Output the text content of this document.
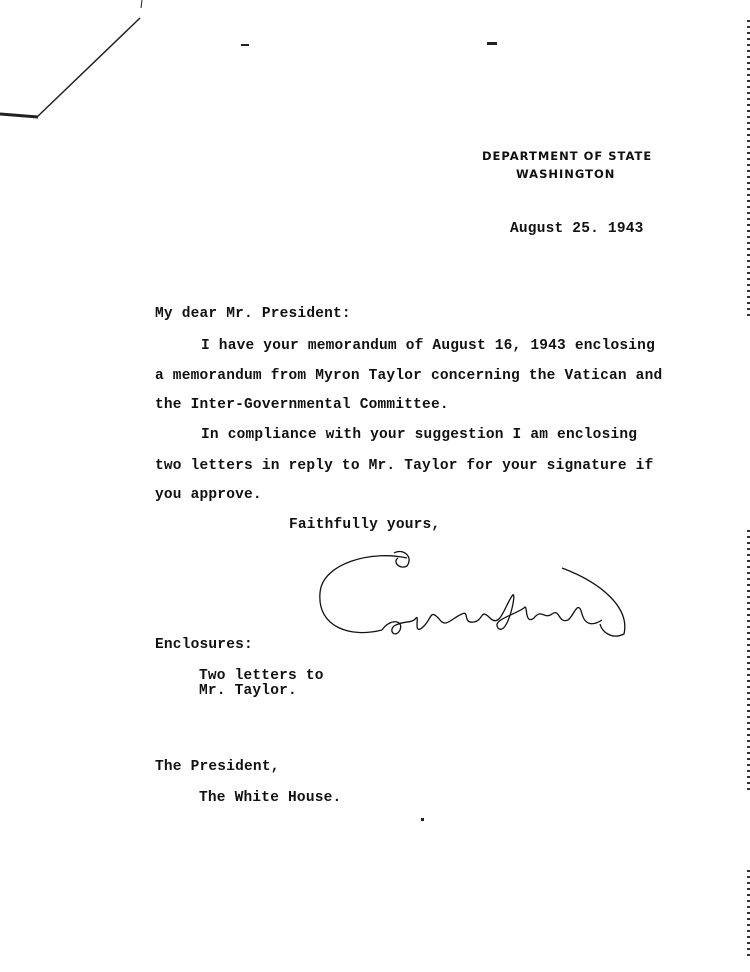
DEPARTMENT OF STATE
WASHINGTON
August 25. 1943
My dear Mr. President:
I have your memorandum of August 16, 1943 enclosing
a memorandum from Myron Taylor concerning the Vatican and
the Inter-Governmental Committee.
In compliance with your suggestion I am enclosing
two letters in reply to Mr. Taylor for your signature if
you approve.
Faithfully yours,
Enclosures:
Two letters to
Mr. Taylor.
The President,
The White House.
